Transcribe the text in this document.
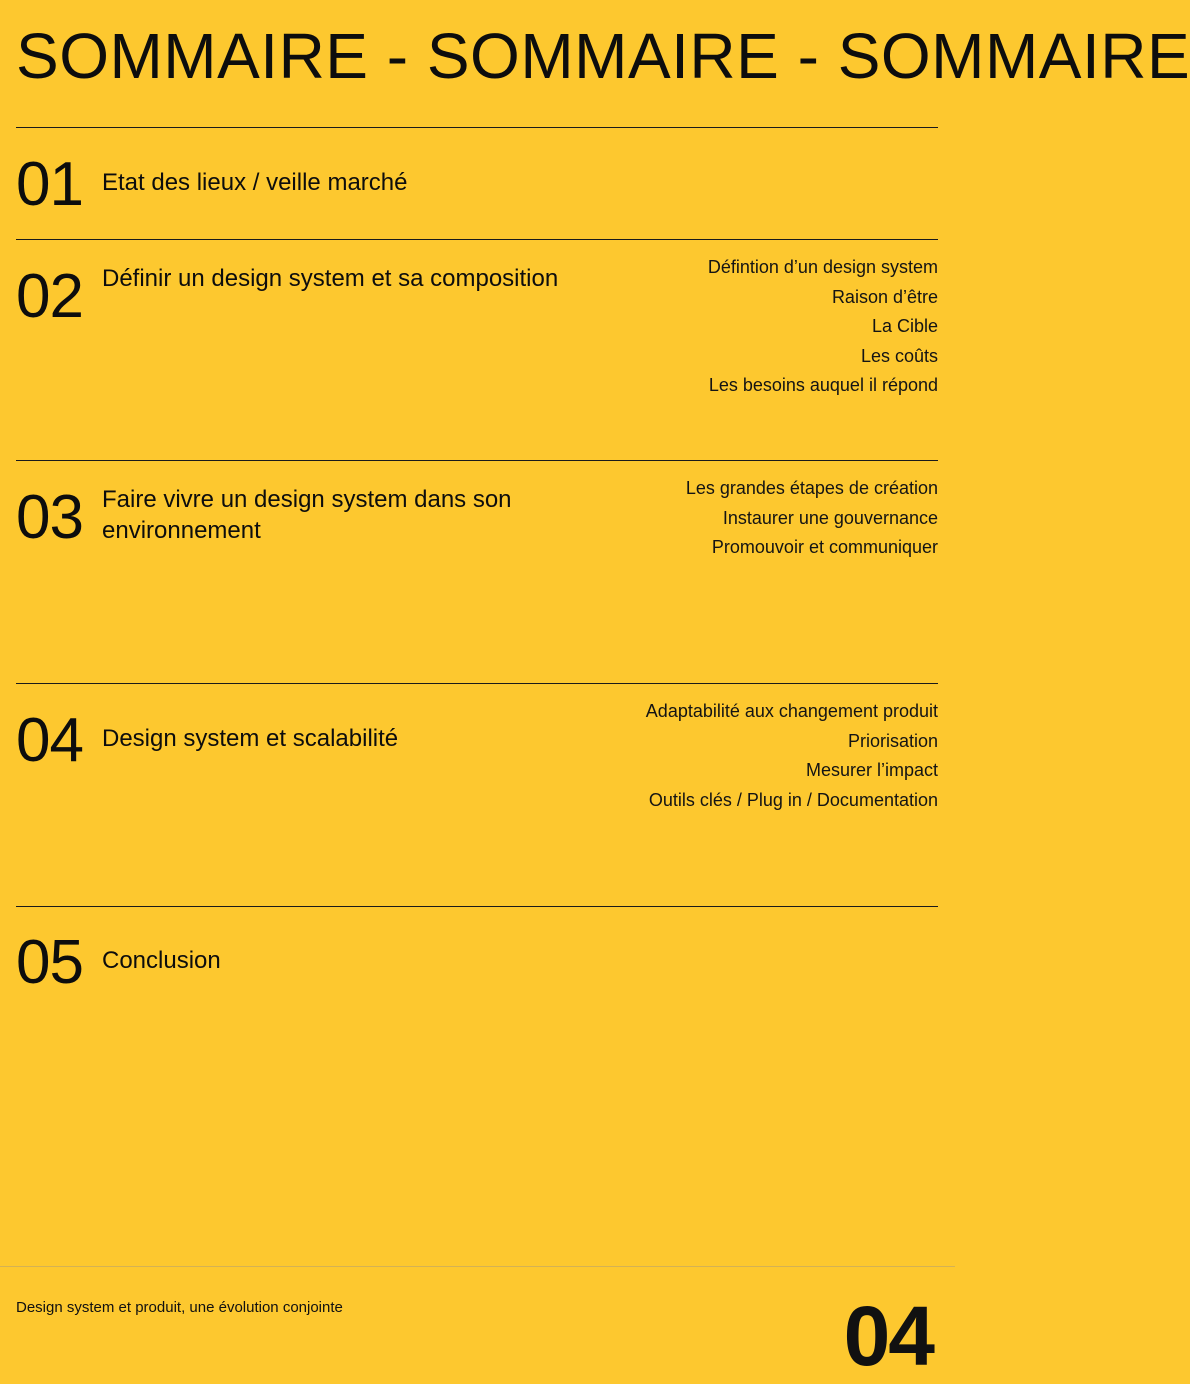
SOMMAIRE - SOMMAIRE - SOMMAIRE
01 Etat des lieux / veille marché
02 Définir un design system et sa composition	Défintion d’un design system
Raison d’être
La Cible
Les coûts
Les besoins auquel il répond
03 Faire vivre un design system dans son environnement
Les grandes étapes de création
Instaurer une gouvernance
Promouvoir et communiquer
04 Design system et scalabilité
Adaptabilité aux changement produit
Priorisation
Mesurer l’impact
Outils clés / Plug in / Documentation
05 Conclusion
Design system et produit, une évolution conjointe	04
